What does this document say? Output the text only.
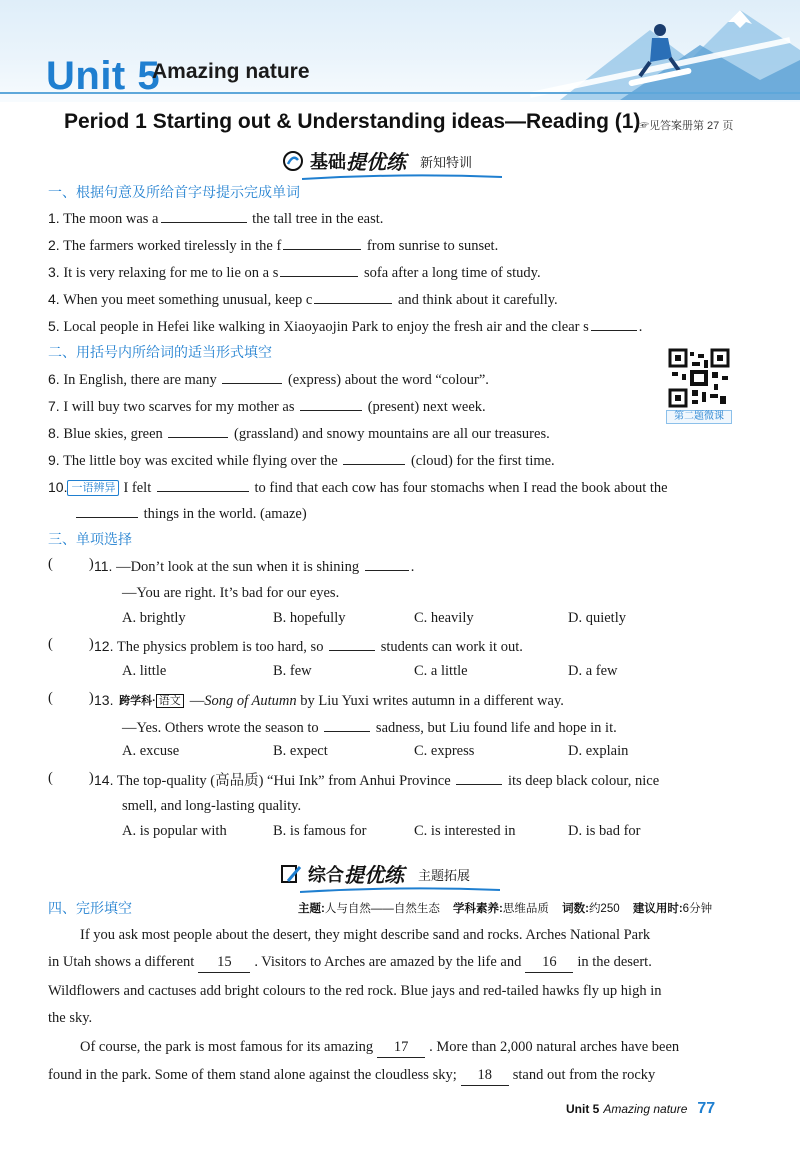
Unit 5
Amazing nature
Period 1 Starting out & Understanding ideas—Reading (1)
☞见答案册第 27 页
基础 提优练 新知特训
一、根据句意及所给首字母提示完成单词
1. The moon was a	the tall tree in the east.
2. The farmers worked tirelessly in the f	from sunrise to sunset.
3. It is very relaxing for me to lie on a s	sofa after a long time of study.
4. When you meet something unusual, keep c	and think about it carefully.
5. Local people in Hefei like walking in Xiaoyaojin Park to enjoy the fresh air and the clear s	.
二、用括号内所给词的适当形式填空
第二题微课
6. In English, there are many	(express) about the word “colour”.
7. I will buy two scarves for my mother as	(present) next week.
8. Blue skies, green	(grassland) and snowy mountains are all our treasures.
9. The little boy was excited while flying over the	(cloud) for the first time.
10. 一语辨异 I felt	to find that each cow has four stomachs when I read the book about the
things in the world. (amaze)
三、单项选择
( ) 11. —Don’t look at the sun when it is shining	.
—You are right. It’s bad for our eyes.
A. brightly	B. hopefully	C. heavily	D. quietly
( ) 12. The physics problem is too hard, so	students can work it out.
A. little	B. few	C. a little	D. a few
( ) 13. 跨学科· 语文 —Song of Autumn by Liu Yuxi writes autumn in a different way.
—Yes. Others wrote the season to	sadness, but Liu found life and hope in it.
A. excuse	B. expect	C. express	D. explain
( ) 14. The top-quality (高品质) “Hui Ink” from Anhui Province	its deep black colour, nice
smell, and long-lasting quality.
A. is popular with	B. is famous for	C. is interested in	D. is bad for
综合 提优练 主题拓展
四、完形填空	主题:人与自然——自然生态 学科素养:思维品质 词数:约250 建议用时:6分钟
If you ask most people about the desert, they might describe sand and rocks. Arches National Park
in Utah shows a different 15 . Visitors to Arches are amazed by the life and 16 in the desert.
Wildflowers and cactuses add bright colours to the red rock. Blue jays and red-tailed hawks fly up high in
the sky.
Of course, the park is most famous for its amazing 17 . More than 2,000 natural arches have been
found in the park. Some of them stand alone against the cloudless sky; 18 stand out from the rocky
Unit 5 Amazing nature 77
